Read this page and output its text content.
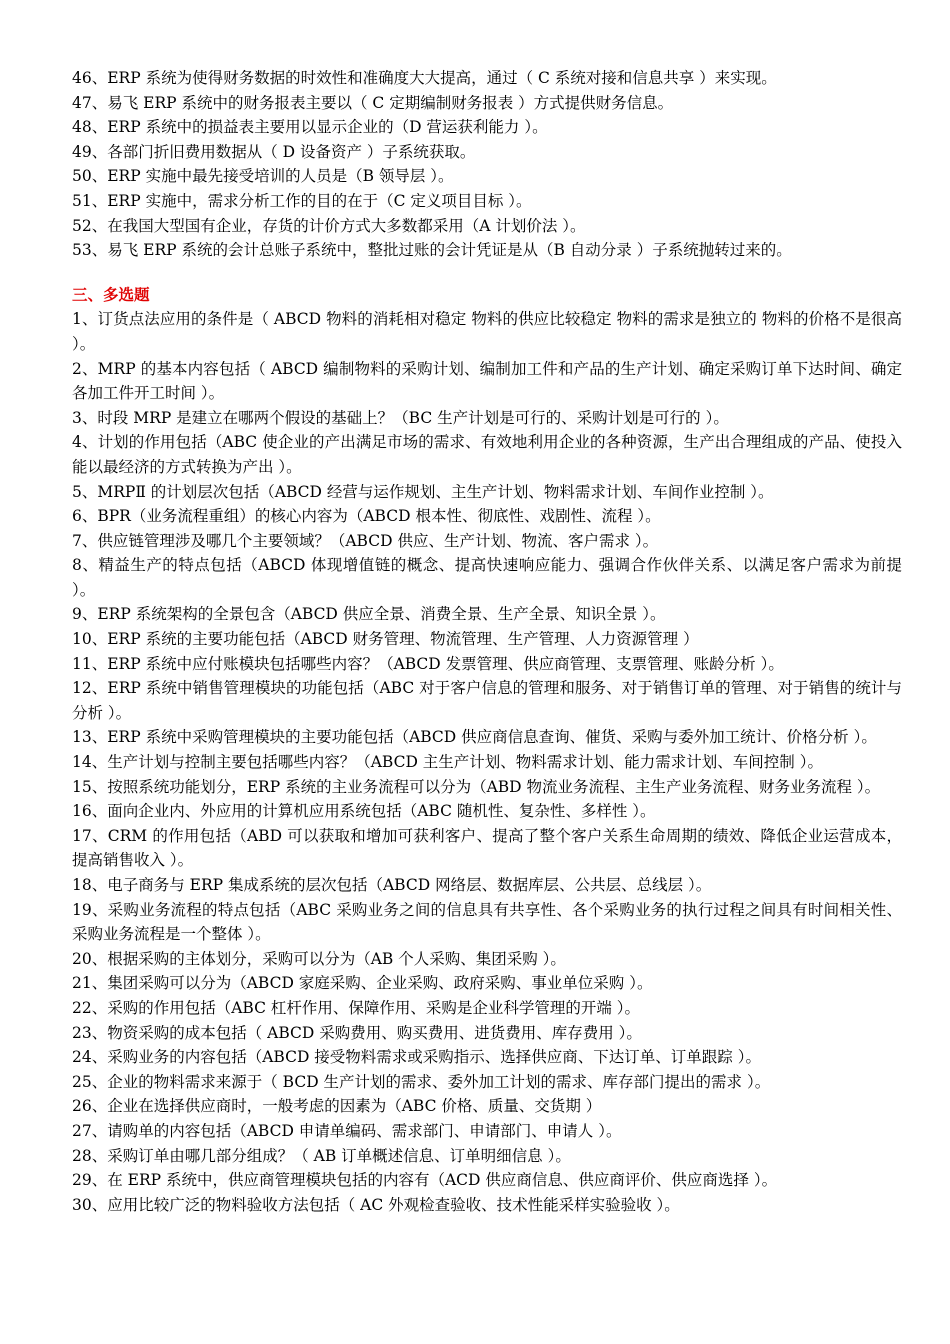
46、ERP 系统为使得财务数据的时效性和准确度大大提高，通过（ C 系统对接和信息共享 ）来实现。

47、易飞 ERP 系统中的财务报表主要以（ C 定期编制财务报表 ）方式提供财务信息。

48、ERP 系统中的损益表主要用以显示企业的（D 营运获利能力 ）。

49、各部门折旧费用数据从（ D 设备资产 ）子系统获取。

50、ERP 实施中最先接受培训的人员是（B 领导层 ）。

51、ERP 实施中，需求分析工作的目的在于（C 定义项目目标 ）。

52、在我国大型国有企业，存货的计价方式大多数都采用（A 计划价法 ）。

53、易飞 ERP 系统的会计总账子系统中，整批过账的会计凭证是从（B 自动分录 ）子系统抛转过来的。

三、多选题

1、订货点法应用的条件是（ ABCD 物料的消耗相对稳定 物料的供应比较稳定 物料的需求是独立的 物料的价格不是很高 ）。

2、MRP 的基本内容包括（ ABCD 编制物料的采购计划、编制加工件和产品的生产计划、确定采购订单下达时间、确定各加工件开工时间 ）。

3、时段 MRP 是建立在哪两个假设的基础上？（BC 生产计划是可行的、采购计划是可行的 ）。

4、计划的作用包括（ABC 使企业的产出满足市场的需求、有效地利用企业的各种资源，生产出合理组成的产品、使投入能以最经济的方式转换为产出 ）。

5、MRPⅡ 的计划层次包括（ABCD 经营与运作规划、主生产计划、物料需求计划、车间作业控制 ）。

6、BPR（业务流程重组）的核心内容为（ABCD 根本性、彻底性、戏剧性、流程 ）。

7、供应链管理涉及哪几个主要领域？（ABCD 供应、生产计划、物流、客户需求 ）。

8、精益生产的特点包括（ABCD 体现增值链的概念、提高快速响应能力、强调合作伙伴关系、以满足客户需求为前提 ）。

9、ERP 系统架构的全景包含（ABCD 供应全景、消费全景、生产全景、知识全景 ）。

10、ERP 系统的主要功能包括（ABCD 财务管理、物流管理、生产管理、人力资源管理 ）

11、ERP 系统中应付账模块包括哪些内容？（ABCD 发票管理、供应商管理、支票管理、账龄分析 ）。

12、ERP 系统中销售管理模块的功能包括（ABC 对于客户信息的管理和服务、对于销售订单的管理、对于销售的统计与分析 ）。

13、ERP 系统中采购管理模块的主要功能包括（ABCD 供应商信息查询、催货、采购与委外加工统计、价格分析 ）。

14、生产计划与控制主要包括哪些内容？（ABCD 主生产计划、物料需求计划、能力需求计划、车间控制 ）。

15、按照系统功能划分，ERP 系统的主业务流程可以分为（ABD 物流业务流程、主生产业务流程、财务业务流程 ）。

16、面向企业内、外应用的计算机应用系统包括（ABC 随机性、复杂性、多样性 ）。

17、CRM 的作用包括（ABD 可以获取和增加可获利客户、提高了整个客户关系生命周期的绩效、降低企业运营成本，提高销售收入 ）。

18、电子商务与 ERP 集成系统的层次包括（ABCD 网络层、数据库层、公共层、总线层 ）。

19、采购业务流程的特点包括（ABC 采购业务之间的信息具有共享性、各个采购业务的执行过程之间具有时间相关性、采购业务流程是一个整体 ）。

20、根据采购的主体划分，采购可以分为（AB 个人采购、集团采购 ）。

21、集团采购可以分为（ABCD 家庭采购、企业采购、政府采购、事业单位采购 ）。

22、采购的作用包括（ABC 杠杆作用、保障作用、采购是企业科学管理的开端 ）。

23、物资采购的成本包括（ ABCD 采购费用、购买费用、进货费用、库存费用 ）。

24、采购业务的内容包括（ABCD 接受物料需求或采购指示、选择供应商、下达订单、订单跟踪 ）。

25、企业的物料需求来源于（ BCD 生产计划的需求、委外加工计划的需求、库存部门提出的需求 ）。

26、企业在选择供应商时，一般考虑的因素为（ABC 价格、质量、交货期 ）

27、请购单的内容包括（ABCD 申请单编码、需求部门、申请部门、申请人 ）。

28、采购订单由哪几部分组成？（ AB 订单概述信息、订单明细信息 ）。

29、在 ERP 系统中，供应商管理模块包括的内容有（ACD 供应商信息、供应商评价、供应商选择 ）。

30、应用比较广泛的物料验收方法包括（ AC 外观检查验收、技术性能采样实验验收 ）。
